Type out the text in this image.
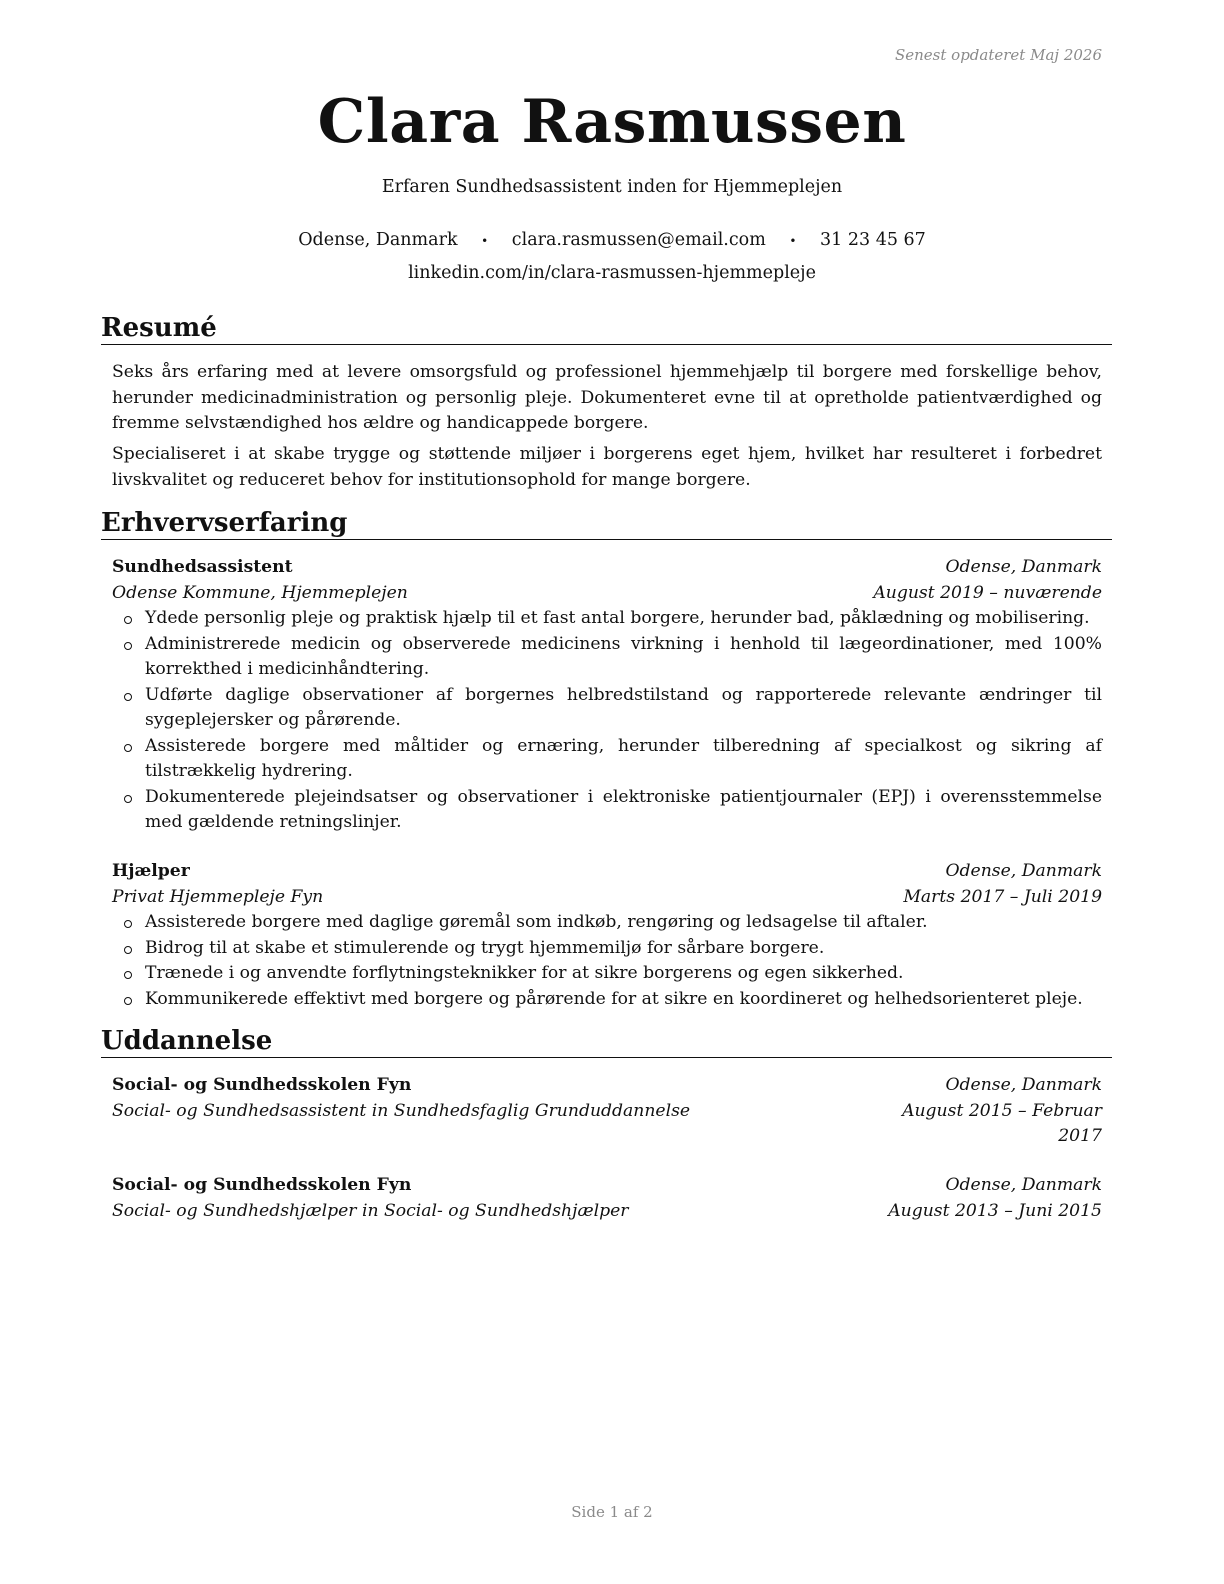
Senest opdateret Maj 2026
Clara Rasmussen
Erfaren Sundhedsassistent inden for Hjemmeplejen
Odense, Danmark • clara.rasmussen@email.com • 31 23 45 67
linkedin.com/in/clara-rasmussen-hjemmepleje
Resumé

Seks års erfaring med at levere omsorgsfuld og professionel hjemmehjælp til borgere med forskellige behov, herunder medicinadministration og personlig pleje. Dokumenteret evne til at opretholde patientværdighed og fremme selvstændighed hos ældre og handicappede borgere.

Specialiseret i at skabe trygge og støttende miljøer i borgerens eget hjem, hvilket har resulteret i forbedret livskvalitet og reduceret behov for institutionsophold for mange borgere.

Erhvervserfaring
Sundhedsassistent	Odense, Danmark
Odense Kommune, Hjemmeplejen	August 2019 – nuværende
Ydede personlig pleje og praktisk hjælp til et fast antal borgere, herunder bad, påklædning og mobilisering.
Administrerede medicin og observerede medicinens virkning i henhold til lægeordinationer, med 100% korrekthed i medicinhåndtering.
Udførte daglige observationer af borgernes helbredstilstand og rapporterede relevante ændringer til sygeplejersker og pårørende.
Assisterede borgere med måltider og ernæring, herunder tilberedning af specialkost og sikring af tilstrækkelig hydrering.
Dokumenterede plejeindsatser og observationer i elektroniske patientjournaler (EPJ) i overensstemmelse med gældende retningslinjer.
Hjælper	Odense, Danmark
Privat Hjemmepleje Fyn	Marts 2017 – Juli 2019
Assisterede borgere med daglige gøremål som indkøb, rengøring og ledsagelse til aftaler.
Bidrog til at skabe et stimulerende og trygt hjemmemiljø for sårbare borgere.
Trænede i og anvendte forflytningsteknikker for at sikre borgerens og egen sikkerhed.
Kommunikerede effektivt med borgere og pårørende for at sikre en koordineret og helhedsorienteret pleje.
Uddannelse
Social- og Sundhedsskolen Fyn	Odense, Danmark
Social- og Sundhedsassistent in Sundhedsfaglig Grunduddannelse	August 2015 – Februar 2017
Social- og Sundhedsskolen Fyn	Odense, Danmark
Social- og Sundhedshjælper in Social- og Sundhedshjælper	August 2013 – Juni 2015
Side 1 af 2
